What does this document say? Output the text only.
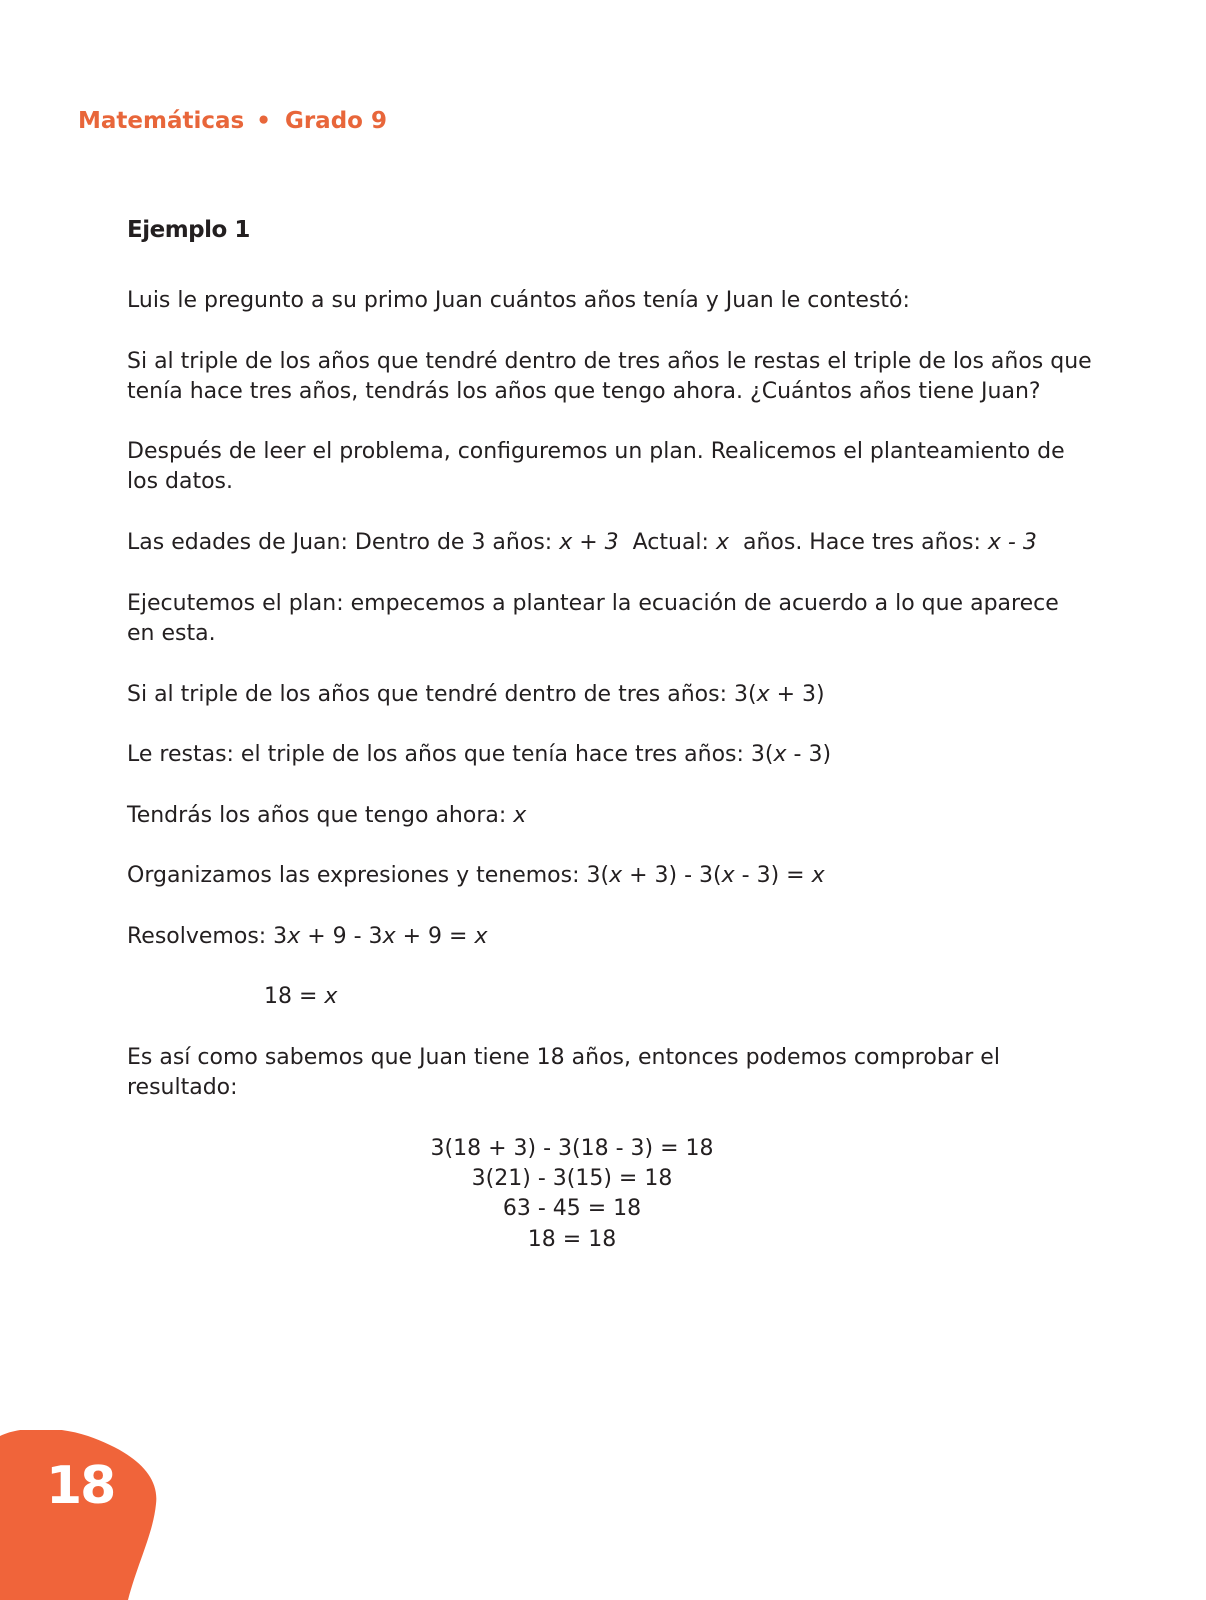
Matemáticas • Grado 9
Ejemplo 1
Luis le pregunto a su primo Juan cuántos años tenía y Juan le contestó:
Si al triple de los años que tendré dentro de tres años le restas el triple de los años que
tenía hace tres años, tendrás los años que tengo ahora. ¿Cuántos años tiene Juan?
Después de leer el problema, configuremos un plan. Realicemos el planteamiento de
los datos.
Las edades de Juan: Dentro de 3 años: x + 3  Actual: x  años. Hace tres años: x - 3
Ejecutemos el plan: empecemos a plantear la ecuación de acuerdo a lo que aparece
en esta.
Si al triple de los años que tendré dentro de tres años: 3(x + 3)
Le restas: el triple de los años que tenía hace tres años: 3(x - 3)
Tendrás los años que tengo ahora: x
Organizamos las expresiones y tenemos: 3(x + 3) - 3(x - 3) = x
Resolvemos: 3x + 9 - 3x + 9 = x
18 = x
Es así como sabemos que Juan tiene 18 años, entonces podemos comprobar el
resultado:
3(18 + 3) - 3(18 - 3) = 18
3(21) - 3(15) = 18
63 - 45 = 18
18 = 18
18
